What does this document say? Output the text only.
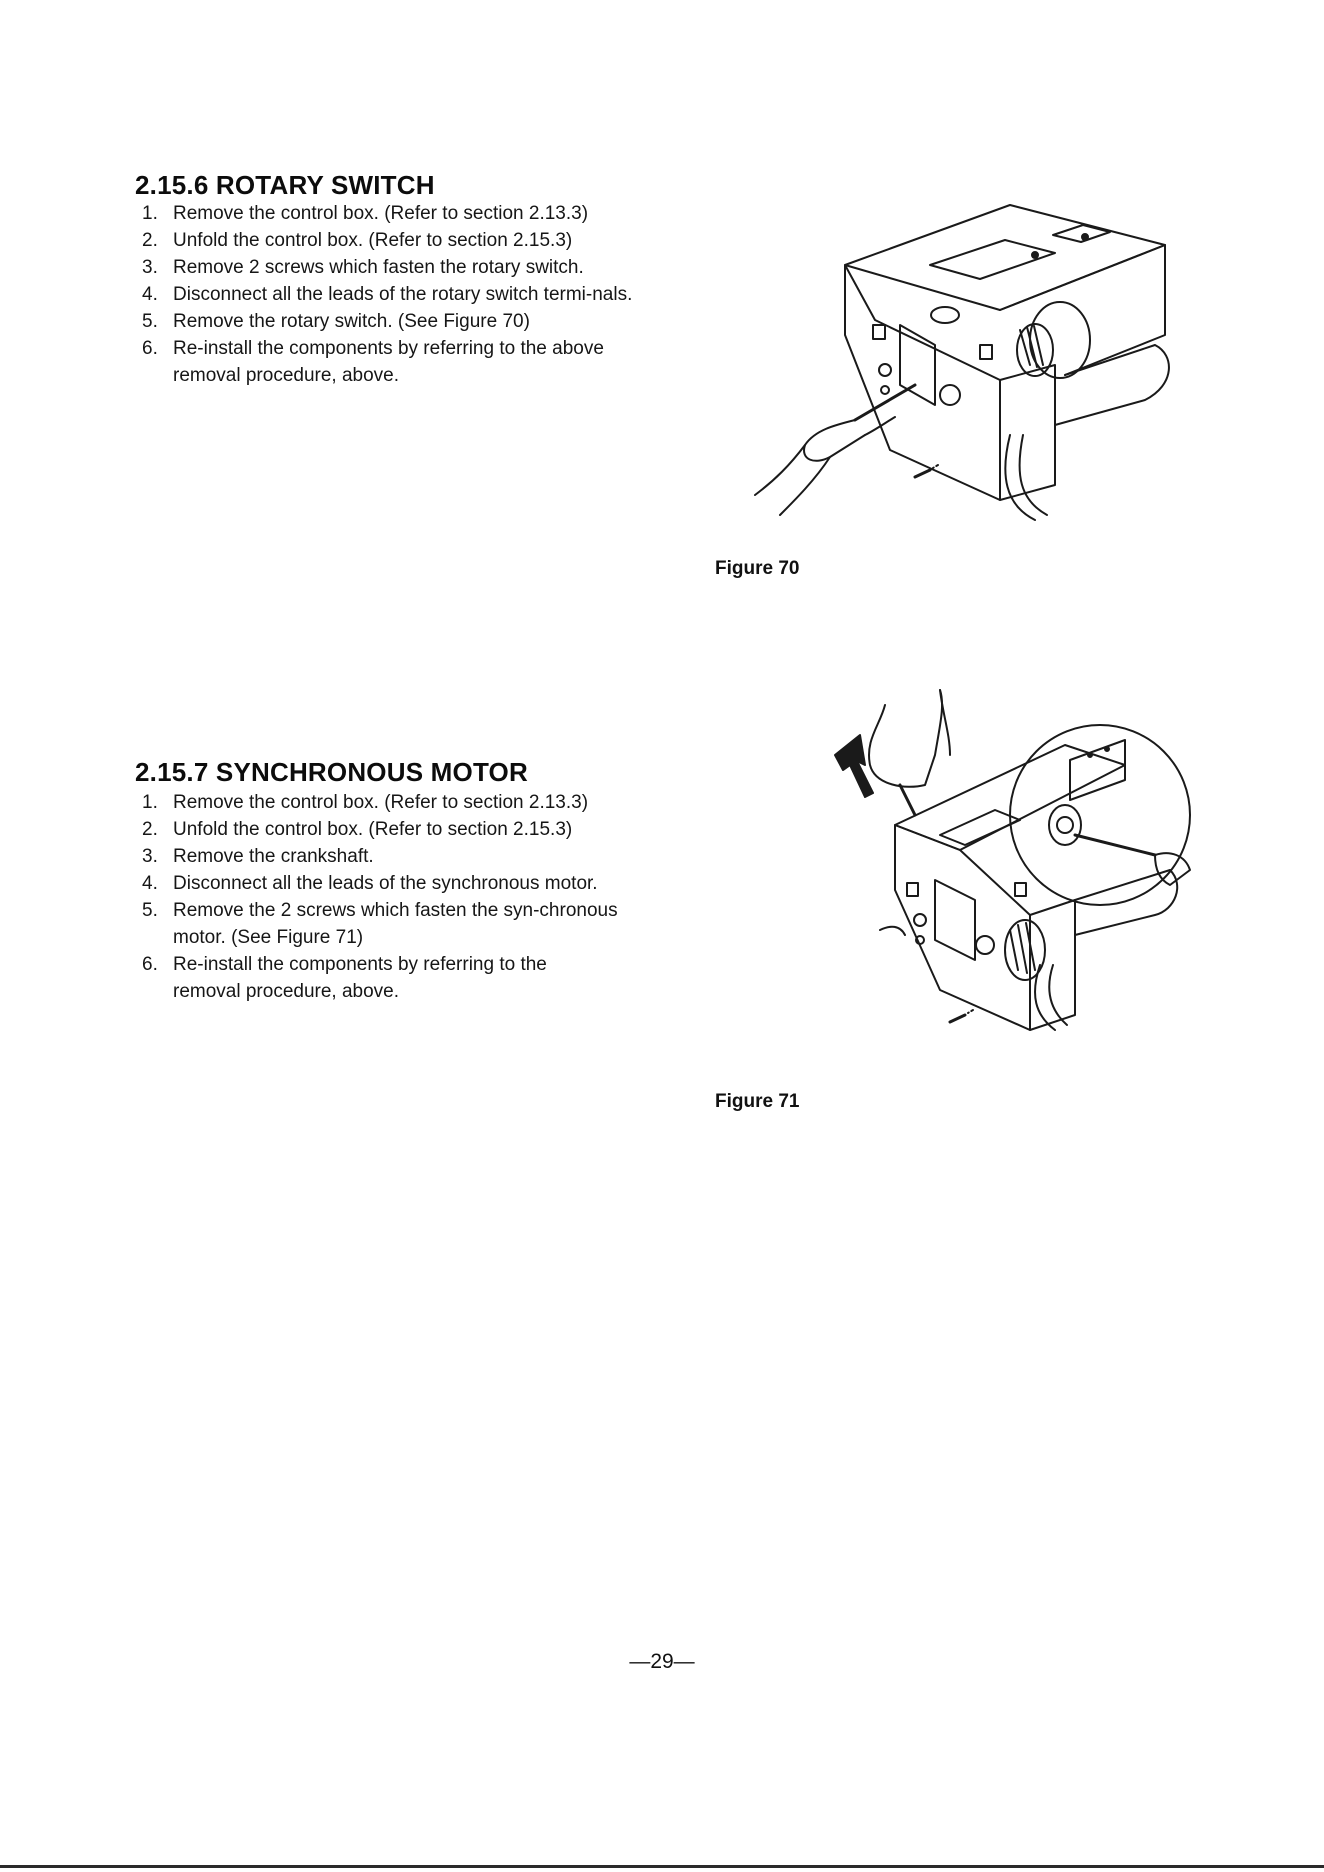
2.15.6 ROTARY SWITCH
1. Remove the control box. (Refer to section 2.13.3)
2. Unfold the control box. (Refer to section 2.15.3)
3. Remove 2 screws which fasten the rotary switch.
4. Disconnect all the leads of the rotary switch termi-nals.
5. Remove the rotary switch. (See Figure 70)
6. Re-install the components by referring to the above removal procedure, above.
Figure 70
2.15.7 SYNCHRONOUS MOTOR
1. Remove the control box. (Refer to section 2.13.3)
2. Unfold the control box. (Refer to section 2.15.3)
3. Remove the crankshaft.
4. Disconnect all the leads of the synchronous motor.
5. Remove the 2 screws which fasten the syn-chronous motor. (See Figure 71)
6. Re-install the components by referring to the removal procedure, above.
Figure 71
—29—
